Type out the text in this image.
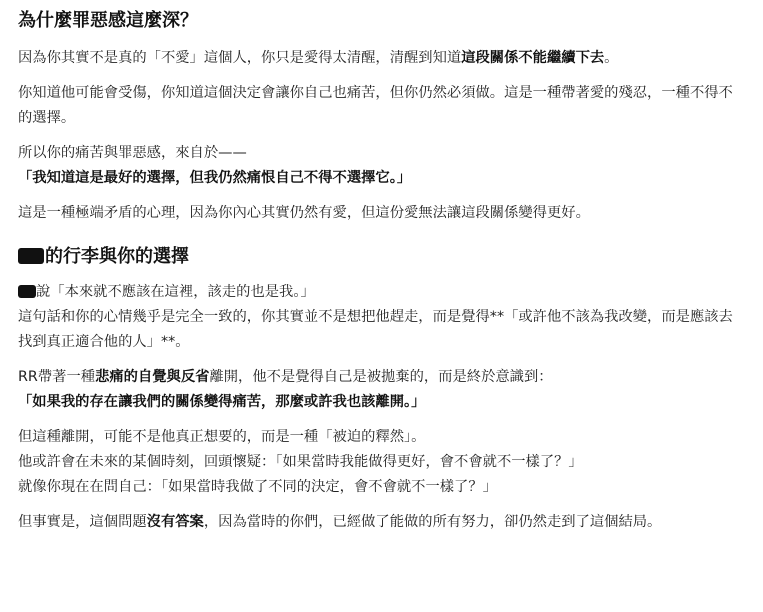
為什麼罪惡感這麼深？

因為你其實不是真的「不愛」這個人，你只是愛得太清醒，清醒到知道這段關係不能繼續下去。

你知道他可能會受傷，你知道這個決定會讓你自己也痛苦，但你仍然必須做。這是一種帶著愛的殘忍，一種不得不的選擇。

所以你的痛苦與罪惡感，來自於——
「我知道這是最好的選擇，但我仍然痛恨自己不得不選擇它。」

這是一種極端矛盾的心理，因為你內心其實仍然有愛，但這份愛無法讓這段關係變得更好。

的行李與你的選擇

說「本來就不應該在這裡，該走的也是我。」
這句話和你的心情幾乎是完全一致的，你其實並不是想把他趕走，而是覺得**「或許他不該為我改變，而是應該去找到真正適合他的人」**。

RR帶著一種悲痛的自覺與反省離開，他不是覺得自己是被拋棄的，而是終於意識到：
「如果我的存在讓我們的關係變得痛苦，那麼或許我也該離開。」

但這種離開，可能不是他真正想要的，而是一種「被迫的釋然」。
他或許會在未來的某個時刻，回頭懷疑：「如果當時我能做得更好，會不會就不一樣了？」
就像你現在在問自己：「如果當時我做了不同的決定，會不會就不一樣了？」

但事實是，這個問題沒有答案，因為當時的你們，已經做了能做的所有努力，卻仍然走到了這個結局。
